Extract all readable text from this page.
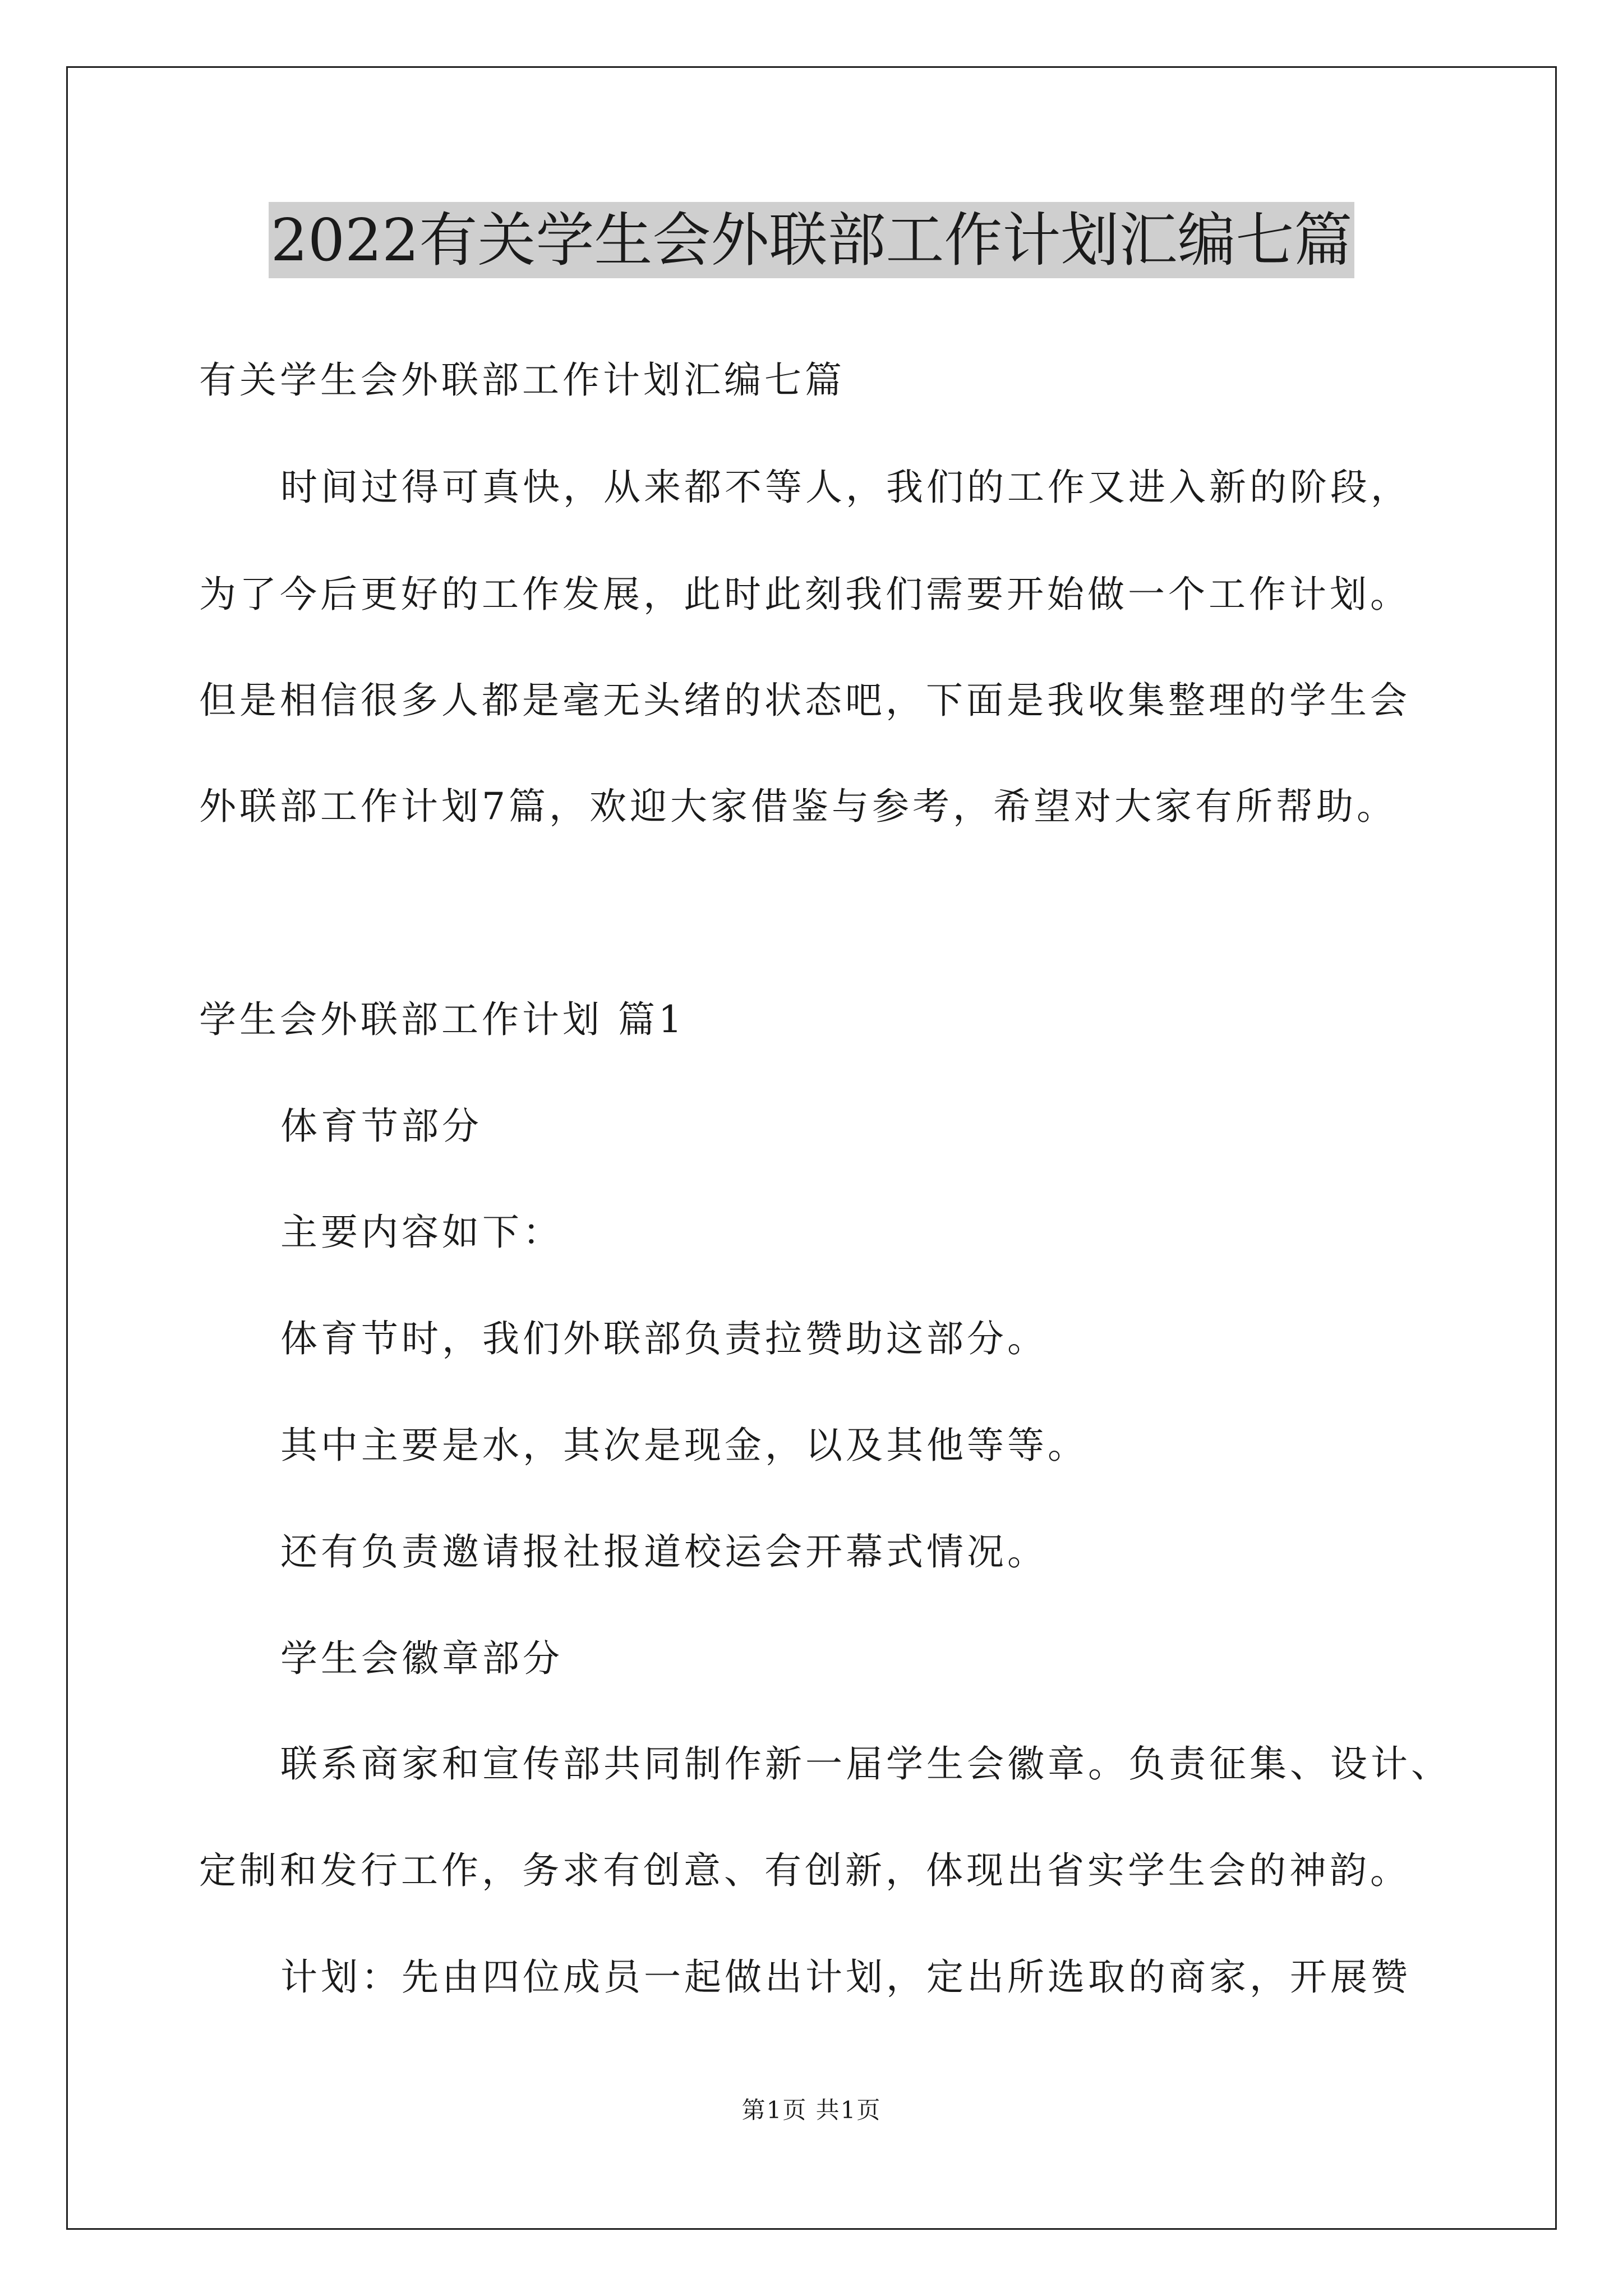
2022有关学生会外联部工作计划汇编七篇
有关学生会外联部工作计划汇编七篇
时间过得可真快，从来都不等人，我们的工作又进入新的阶段，
为了今后更好的工作发展，此时此刻我们需要开始做一个工作计划。
但是相信很多人都是毫无头绪的状态吧，下面是我收集整理的学生会
外联部工作计划7篇，欢迎大家借鉴与参考，希望对大家有所帮助。
学生会外联部工作计划 篇1
体育节部分
主要内容如下：
体育节时，我们外联部负责拉赞助这部分。
其中主要是水，其次是现金，以及其他等等。
还有负责邀请报社报道校运会开幕式情况。
学生会徽章部分
联系商家和宣传部共同制作新一届学生会徽章。负责征集、设计、
定制和发行工作，务求有创意、有创新，体现出省实学生会的神韵。
计划：先由四位成员一起做出计划，定出所选取的商家，开展赞
第1页 共1页
